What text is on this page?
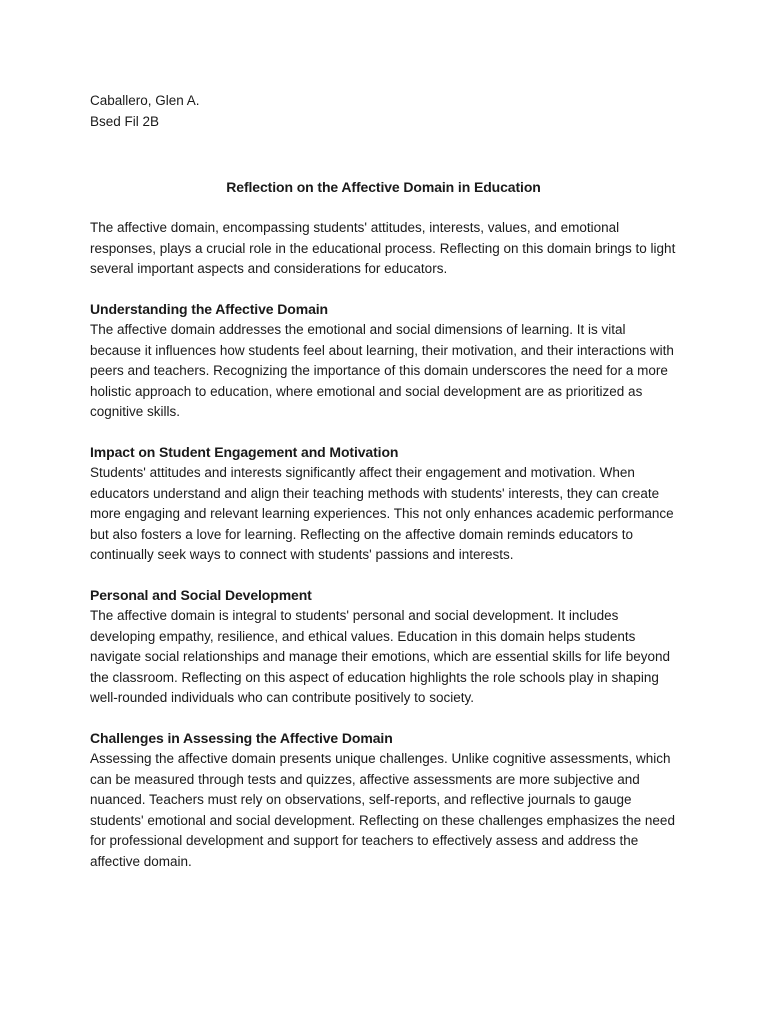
Caballero, Glen A.
Bsed Fil 2B
Reflection on the Affective Domain in Education

The affective domain, encompassing students' attitudes, interests, values, and emotional responses, plays a crucial role in the educational process. Reflecting on this domain brings to light several important aspects and considerations for educators.

Understanding the Affective Domain

The affective domain addresses the emotional and social dimensions of learning. It is vital because it influences how students feel about learning, their motivation, and their interactions with peers and teachers. Recognizing the importance of this domain underscores the need for a more holistic approach to education, where emotional and social development are as prioritized as cognitive skills.

Impact on Student Engagement and Motivation

Students' attitudes and interests significantly affect their engagement and motivation. When educators understand and align their teaching methods with students' interests, they can create more engaging and relevant learning experiences. This not only enhances academic performance but also fosters a love for learning. Reflecting on the affective domain reminds educators to continually seek ways to connect with students' passions and interests.

Personal and Social Development

The affective domain is integral to students' personal and social development. It includes developing empathy, resilience, and ethical values. Education in this domain helps students navigate social relationships and manage their emotions, which are essential skills for life beyond the classroom. Reflecting on this aspect of education highlights the role schools play in shaping well-rounded individuals who can contribute positively to society.

Challenges in Assessing the Affective Domain

Assessing the affective domain presents unique challenges. Unlike cognitive assessments, which can be measured through tests and quizzes, affective assessments are more subjective and nuanced. Teachers must rely on observations, self-reports, and reflective journals to gauge students' emotional and social development. Reflecting on these challenges emphasizes the need for professional development and support for teachers to effectively assess and address the affective domain.
